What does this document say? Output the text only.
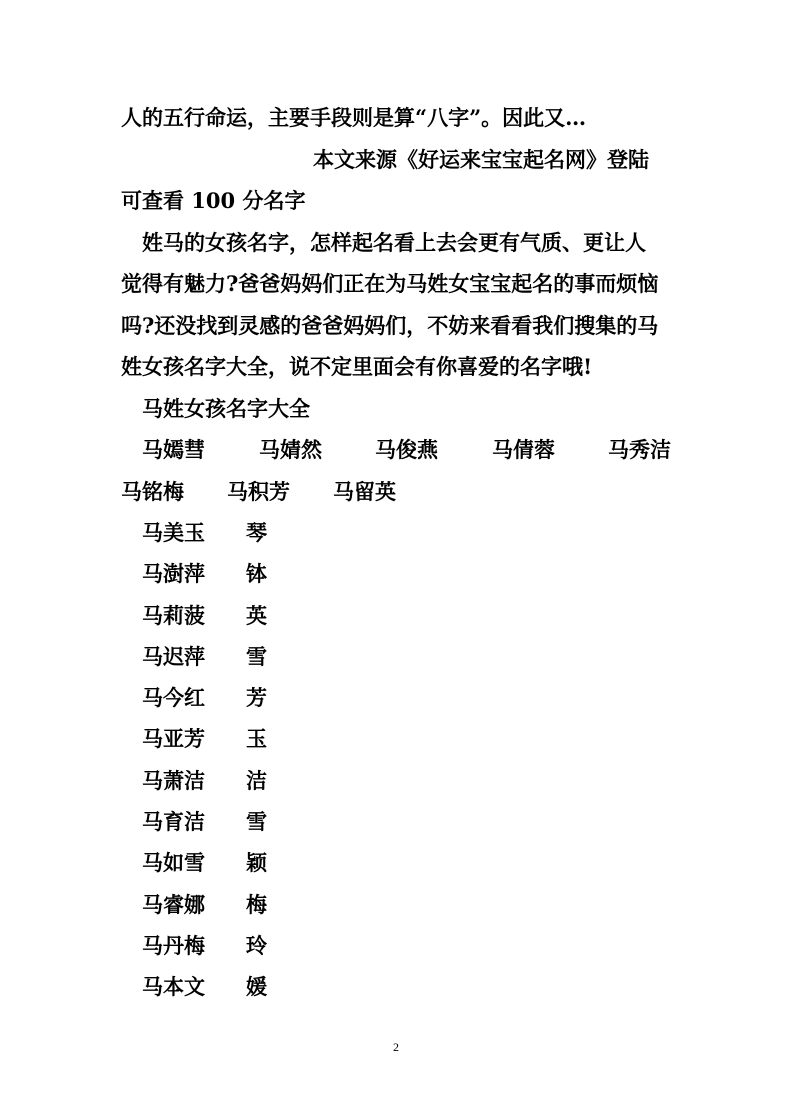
人的五行命运，主要手段则是算“八字”。因此又…
本文来源《好运来宝宝起名网》登陆
可查看 100 分名字
姓马的女孩名字，怎样起名看上去会更有气质、更让人
觉得有魅力?爸爸妈妈们正在为马姓女宝宝起名的事而烦恼
吗?还没找到灵感的爸爸妈妈们，不妨来看看我们搜集的马
姓女孩名字大全，说不定里面会有你喜爱的名字哦!
马姓女孩名字大全
马嫣彗	马婧然	马俊燕	马倩蓉	马秀洁
马铭梅 马积芳 马留英
马美玉 琴
马澍萍 钵
马莉菠 英
马迟萍 雪
马今红 芳
马亚芳 玉
马萧洁 洁
马育洁 雪
马如雪 颖
马睿娜 梅
马丹梅 玲
马本文 媛
2
